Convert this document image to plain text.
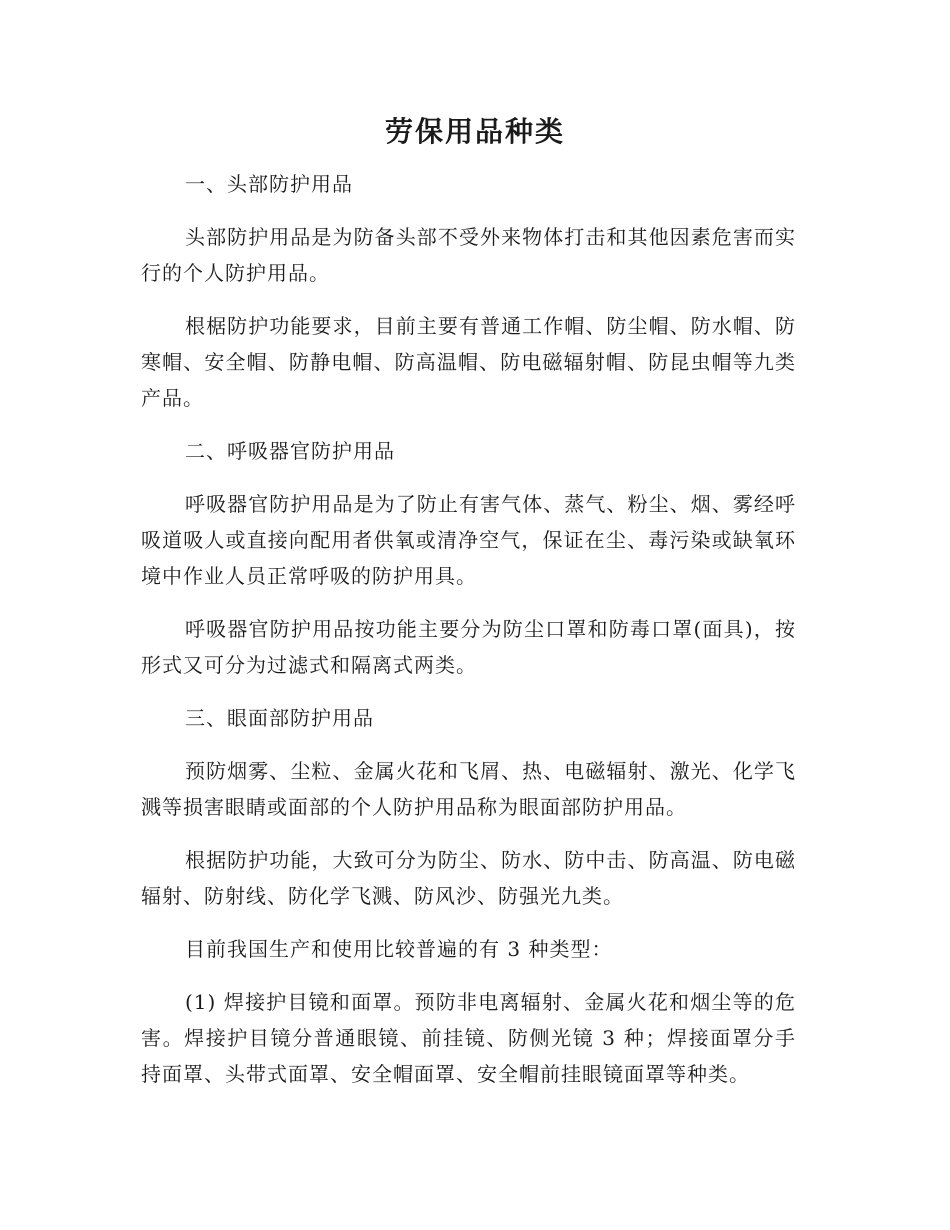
劳保用品种类

一、头部防护用品

头部防护用品是为防备头部不受外来物体打击和其他因素危害而实行的个人防护用品。

根椐防护功能要求，目前主要有普通工作帽、防尘帽、防水帽、防寒帽、安全帽、防静电帽、防高温帽、防电磁辐射帽、防昆虫帽等九类产品。

二、呼吸器官防护用品

呼吸器官防护用品是为了防止有害气体、蒸气、粉尘、烟、雾经呼吸道吸人或直接向配用者供氧或清净空气，保证在尘、毒污染或缺氧环境中作业人员正常呼吸的防护用具。

呼吸器官防护用品按功能主要分为防尘口罩和防毒口罩(面具)，按形式又可分为过滤式和隔离式两类。

三、眼面部防护用品

预防烟雾、尘粒、金属火花和飞屑、热、电磁辐射、激光、化学飞溅等损害眼睛或面部的个人防护用品称为眼面部防护用品。

根据防护功能，大致可分为防尘、防水、防中击、防高温、防电磁辐射、防射线、防化学飞溅、防风沙、防强光九类。

目前我国生产和使用比较普遍的有 3 种类型：

(1) 焊接护目镜和面罩。预防非电离辐射、金属火花和烟尘等的危害。焊接护目镜分普通眼镜、前挂镜、防侧光镜 3 种；焊接面罩分手持面罩、头带式面罩、安全帽面罩、安全帽前挂眼镜面罩等种类。
